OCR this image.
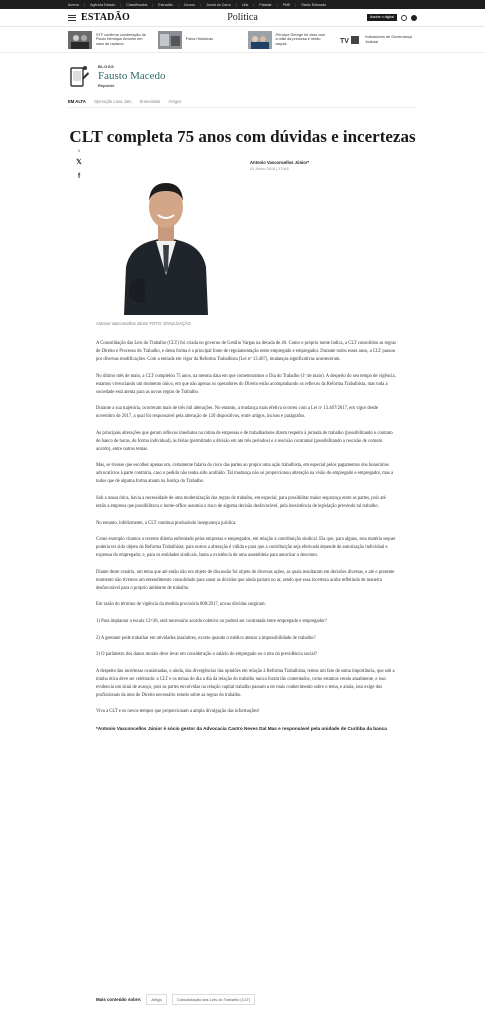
Acervo | Agência Estado | Classificados | Estradão | Cursos | Jornal do Carro | Link | Paladar | PME | Rádio Eldorado
ESTADÃO	Política	Assine o digital
STF confirma condenação de Paulo Henrique Amorim em caso de racismo
Fotos Históricas
Príncipe George foi visto com a mãe da princesa e irmão caçula	TV
Indicadores de Governança Judicial
BLOGS
Fausto Macedo
Repórter
EM ALTA Operação Lava Jato Entrevistas Artigos
CLT completa 75 anos com dúvidas e incertezas
0
𝕏
f
Antonio Vasconcellos Júnior FOTO: DIVULGAÇÃO
Antonio Vasconcellos Júnior*
01 Junho 2018 | 17h16

A Consolidação das Leis do Trabalho (CLT) foi criada no governo de Getúlio Vargas na década de 40. Como o próprio nome indica, a CLT consolidou as regras de Direito e Processo do Trabalho, e desta forma é a principal fonte de regulamentação entre empregado e empregador. Durante todos esses anos, a CLT passou por diversas modificações. Com a entrada em vigor da Reforma Trabalhista (Lei nº 13.467), mudanças significativas aconteceram.

No último mês de maio, a CLT completou 75 anos, na mesma data em que comemoramos o Dia do Trabalho (1º de maio). A despeito do seu tempo de vigência, estamos vivenciando um momento único, em que não apenas os operadores do Direito estão acompanhando os reflexos da Reforma Trabalhista, mas toda a sociedade está atenta para as novas regras de Trabalho.

Durante a sua trajetória, ocorreram mais de três mil alterações. No entanto, a mudança mais efetiva ocorreu com a Lei nº 13.467/2017, em vigor desde novembro de 2017, a qual foi responsável pela alteração de 120 dispositivos, entre artigos, incisos e parágrafos.

As principais alterações que geram reflexos imediatos na rotina de empresas e de trabalhadores dizem respeito à jornada de trabalho (possibilitando o contrato de banco de horas, de forma individual), às férias (permitindo a divisão em até três períodos) e à rescisão contratual (possibilitando a rescisão de comum acordo), entre outros temas.

Mas, se tivesse que escolher apenas um, certamente falaria do risco das partes ao propor uma ação trabalhista, em especial pelos pagamentos dos honorários advocatícios à parte contrária, caso o pedido não tenha sido acolhido. Tal mudança não só proporcionou alteração na visão do empregado e empregador, mas a todos que de alguma forma atuam na Justiça do Trabalho.

Sob a nossa ótica, havia a necessidade de uma modernização das regras de trabalho, em especial, para possibilitar maior segurança entre as partes, pois até então a empresa que possibilitava o home-office assumia o risco de alguma decisão desfavorável, pela inexistência de legislação prevendo tal trabalho.

No entanto, infelizmente, a CLT continua produzindo insegurança jurídica.

Como exemplo citamos o recente dilema enfrentado pelas empresas e empregados, em relação à contribuição sindical. Ela que, para alguns, esta matéria sequer poderia ter sido objeto da Reforma Trabalhista; para outros a alteração é válida e para que a contribuição seja efetivada depende de autorização individual e expressa do empregado; e, para os entidades sindicais, basta a existência de uma assembleia para autorizar o desconto.

Diante deste cenário, um tema que até então não era objeto de discussão foi objeto de diversas ações, as quais resultaram em decisões diversas, e até o presente momento não tivemos um entendimento consolidado para sanar as dúvidas que ainda pairam no ar, sendo que essa incerteza acaba refletindo de maneira desfavorável para o próprio ambiente de trabalho.

Em razão do término de vigência da medida provisória 808/2017, novas dúvidas surgiram:

1) Para implantar a escala 12×36, será necessário acordo coletivo ou poderá ser contratada entre empregado e empregador?

2) A gestante pode trabalhar em atividades insalubres, exceto quando o médico atestar a impossibilidade de trabalho?

3) O parâmetro dos danos morais deve levar em consideração o salário do empregado ou o teto da previdência social?

A despeito das incertezas ocasionadas, e ainda, das divergências das opiniões em relação à Reforma Trabalhista, temos um fato de suma importância, que sob a minha ótica deve ser celebrado: a CLT e os temas do dia a dia da relação do trabalho nunca foram tão comentados, como estamos vendo atualmente, e isso evidencia um sinal de avanço, pois as partes envolvidas na relação capital trabalho passam a ter mais conhecimento sobre o tema, e ainda, isso exige dos profissionais da área do Direito necessário estudo sobre as regras do trabalho.

Viva a CLT e os novos tempos que proporcionam a ampla divulgação das informações!

*Antonio Vasconcellos Júnior é sócio gestor da Advocacia Castro Neves Dal Mas e responsável pela unidade de Curitiba da banca

Mais conteúdo sobre:	Artigo	Consolidação das Leis do Trabalho (CLT)
